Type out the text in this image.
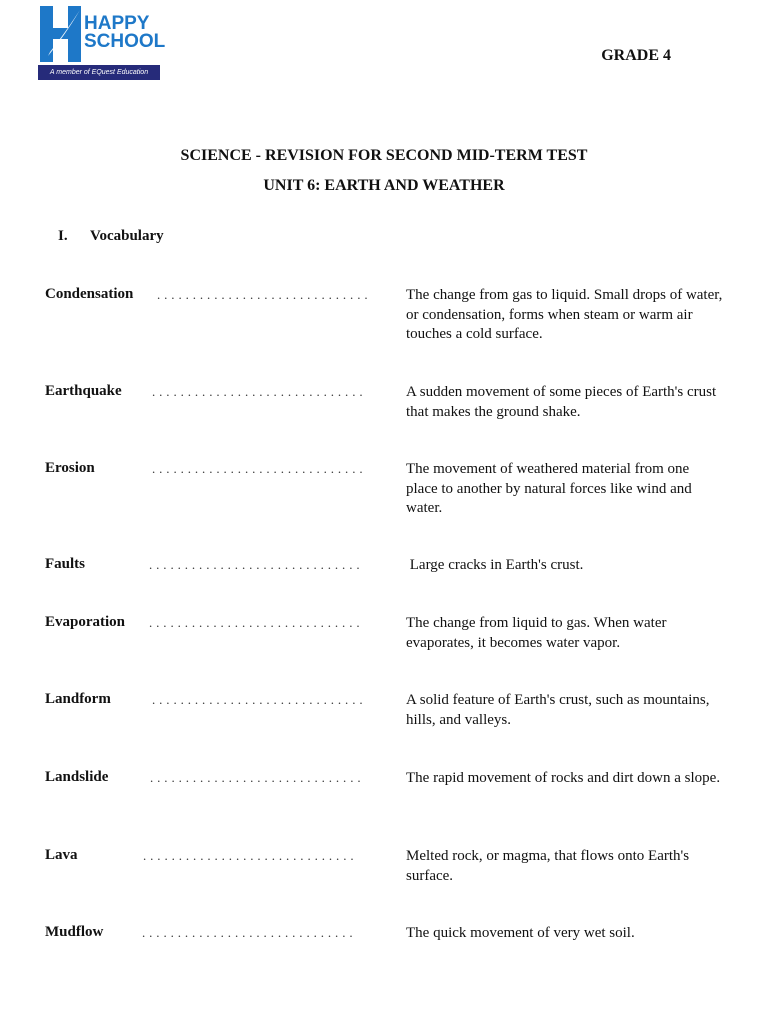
HAPPY
SCHOOL
A member of EQuest Education
GRADE 4
SCIENCE - REVISION FOR SECOND MID-TERM TEST
UNIT 6: EARTH AND WEATHER
I. Vocabulary
Condensation ..............................	The change from gas to liquid. Small drops of water, or condensation, forms when steam or warm air touches a cold surface.
Earthquake ..............................	A sudden movement of some pieces of Earth's crust that makes the ground shake.
Erosion	..............................	The movement of weathered material from one place to another by natural forces like wind and water.
Faults	..............................	Large cracks in Earth's crust.
Evaporation ..............................	The change from liquid to gas. When water evaporates, it becomes water vapor.
Landform	..............................	A solid feature of Earth's crust, such as mountains, hills, and valleys.
Landslide	..............................	The rapid movement of rocks and dirt down a slope.
Lava	..............................	Melted rock, or magma, that flows onto Earth's surface.
Mudflow	..............................	The quick movement of very wet soil.
